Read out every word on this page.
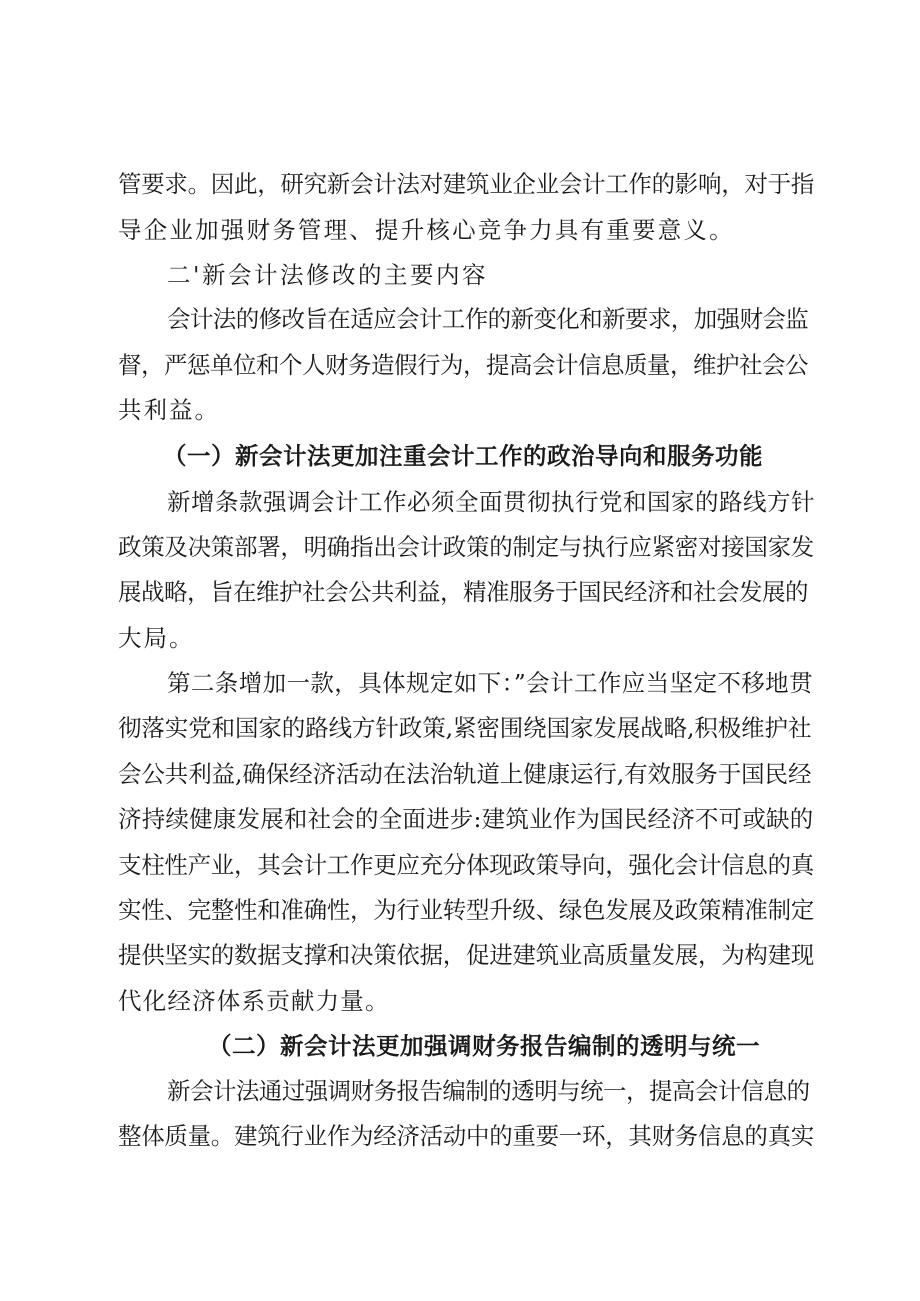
管要求。因此，研究新会计法对建筑业企业会计工作的影响，对于指
导企业加强财务管理、提升核心竞争力具有重要意义。
二'新会计法修改的主要内容
会计法的修改旨在适应会计工作的新变化和新要求，加强财会监
督，严惩单位和个人财务造假行为，提高会计信息质量，维护社会公
共利益。
（一）新会计法更加注重会计工作的政治导向和服务功能
新增条款强调会计工作必须全面贯彻执行党和国家的路线方针
政策及决策部署，明确指出会计政策的制定与执行应紧密对接国家发
展战略，旨在维护社会公共利益，精准服务于国民经济和社会发展的
大局。
第二条增加一款，具体规定如下：”会计工作应当坚定不移地贯
彻落实党和国家的路线方针政策,紧密围绕国家发展战略,积极维护社
会公共利益,确保经济活动在法治轨道上健康运行,有效服务于国民经
济持续健康发展和社会的全面进步:建筑业作为国民经济不可或缺的
支柱性产业，其会计工作更应充分体现政策导向，强化会计信息的真
实性、完整性和准确性，为行业转型升级、绿色发展及政策精准制定
提供坚实的数据支撑和决策依据，促进建筑业高质量发展，为构建现
代化经济体系贡献力量。
（二）新会计法更加强调财务报告编制的透明与统一
新会计法通过强调财务报告编制的透明与统一，提高会计信息的
整体质量。建筑行业作为经济活动中的重要一环，其财务信息的真实
